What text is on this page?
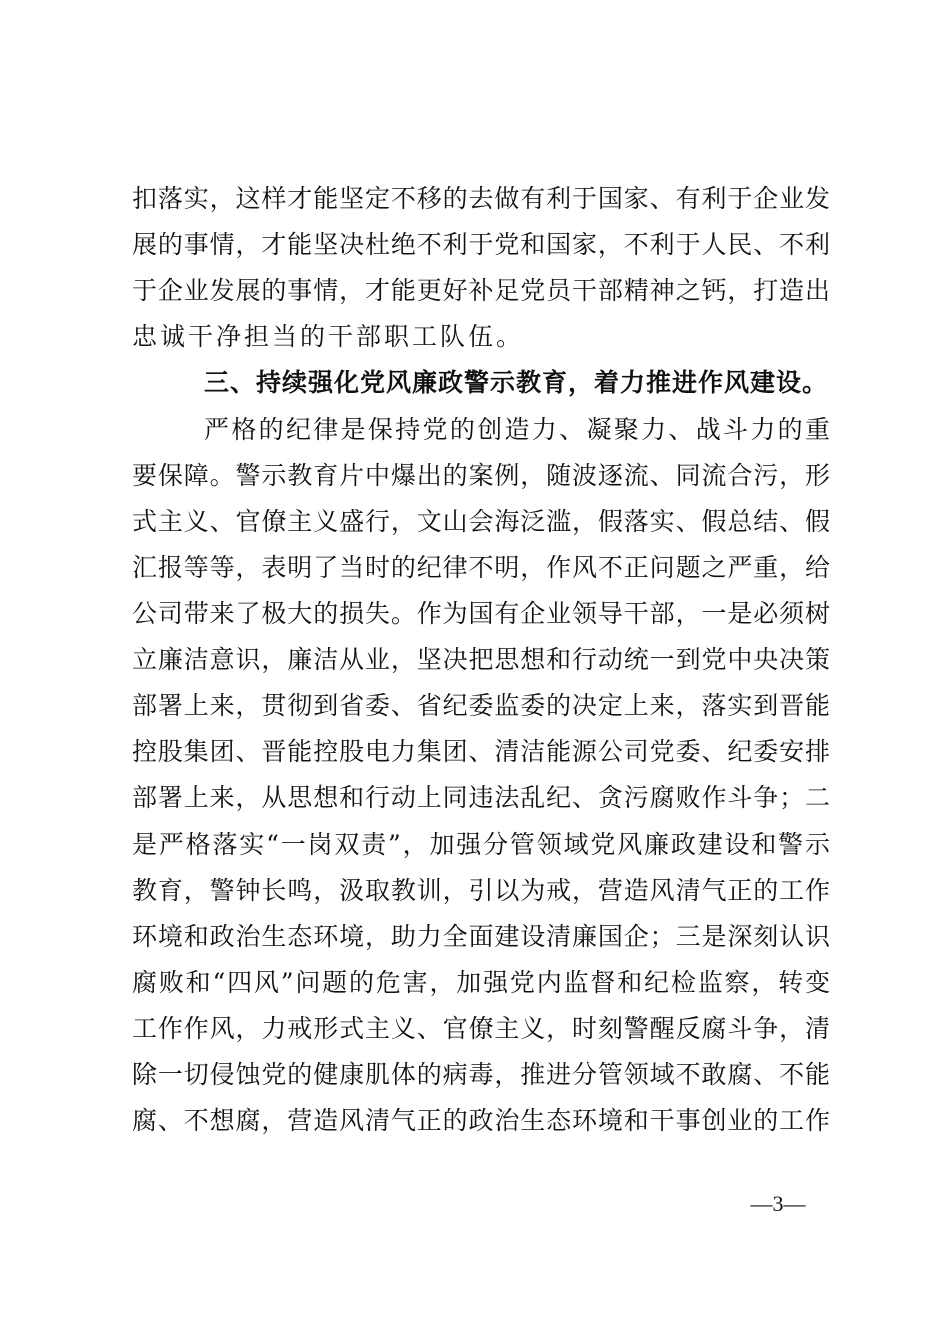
扣落实，这样才能坚定不移的去做有利于国家、有利于企业发
展的事情，才能坚决杜绝不利于党和国家，不利于人民、不利
于企业发展的事情，才能更好补足党员干部精神之钙，打造出
忠诚干净担当的干部职工队伍。
三、持续强化党风廉政警示教育，着力推进作风建设。
严格的纪律是保持党的创造力、凝聚力、战斗力的重
要保障。警示教育片中爆出的案例，随波逐流、同流合污，形
式主义、官僚主义盛行，文山会海泛滥，假落实、假总结、假
汇报等等，表明了当时的纪律不明，作风不正问题之严重，给
公司带来了极大的损失。作为国有企业领导干部，一是必须树
立廉洁意识，廉洁从业，坚决把思想和行动统一到党中央决策
部署上来，贯彻到省委、省纪委监委的决定上来，落实到晋能
控股集团、晋能控股电力集团、清洁能源公司党委、纪委安排
部署上来，从思想和行动上同违法乱纪、贪污腐败作斗争；二
是严格落实“一岗双责”，加强分管领域党风廉政建设和警示
教育，警钟长鸣，汲取教训，引以为戒，营造风清气正的工作
环境和政治生态环境，助力全面建设清廉国企；三是深刻认识
腐败和“四风”问题的危害，加强党内监督和纪检监察，转变
工作作风，力戒形式主义、官僚主义，时刻警醒反腐斗争，清
除一切侵蚀党的健康肌体的病毒，推进分管领域不敢腐、不能
腐、不想腐，营造风清气正的政治生态环境和干事创业的工作
—3—
